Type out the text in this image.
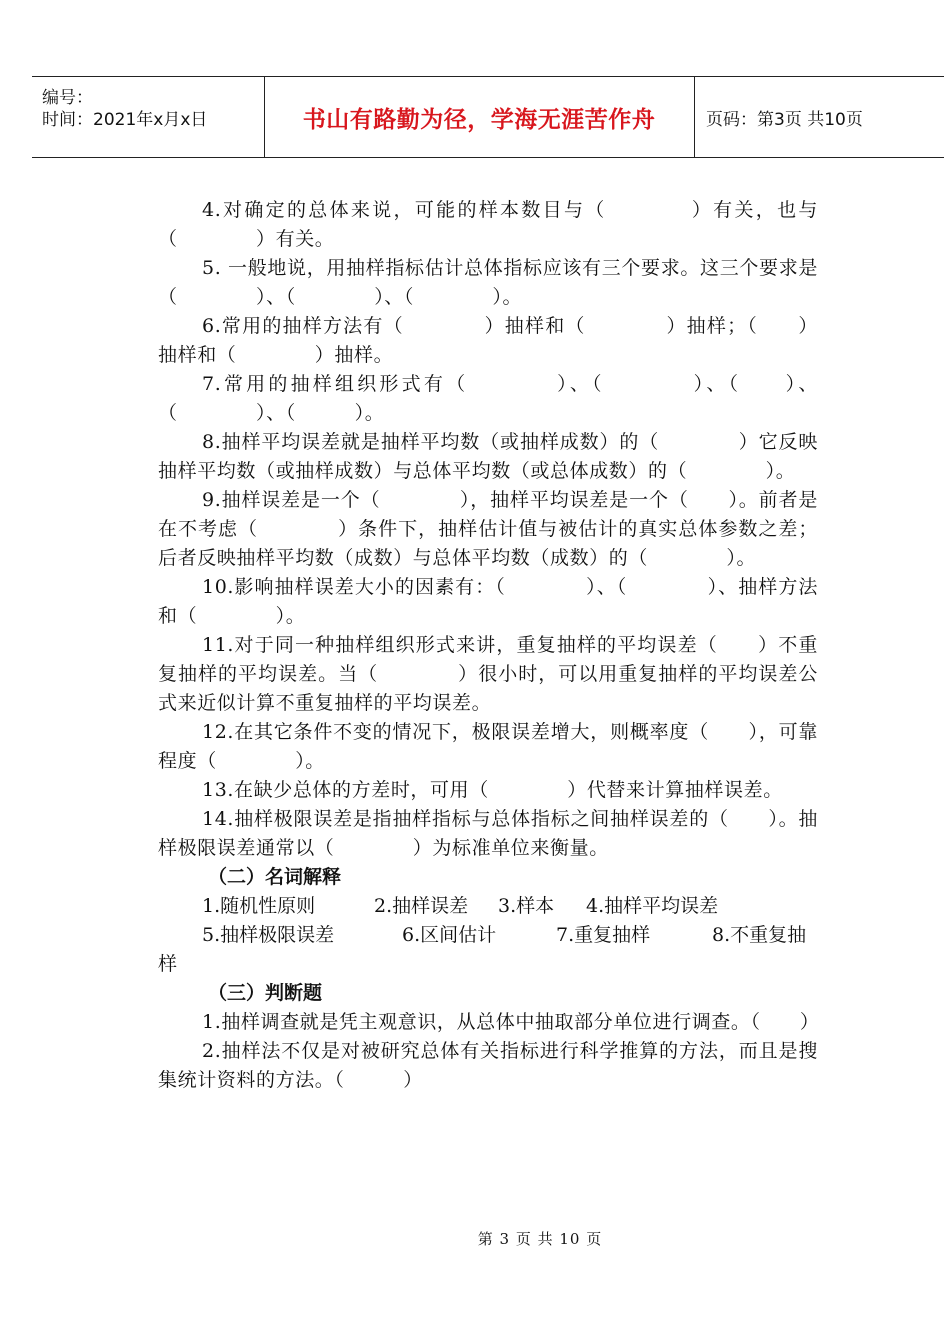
编号：
时间：2021年x月x日	书山有路勤为径，学海无涯苦作舟	页码：第3页 共10页

4.对确定的总体来说，可能的样本数目与（　　　　）有关，也与（　　　　）有关。

5. 一般地说，用抽样指标估计总体指标应该有三个要求。这三个要求是（　　　　）、（　　　　）、（　　　　）。

6.常用的抽样方法有（　　　　）抽样和（　　　　）抽样；（　　）抽样和（　　　　）抽样。

7.常用的抽样组织形式有（　　　　）、（　　　　）、（　　）、（　　　　）、（　　　）。

8.抽样平均误差就是抽样平均数（或抽样成数）的（　　　　）它反映抽样平均数（或抽样成数）与总体平均数（或总体成数）的（　　　　）。

9.抽样误差是一个（　　　　），抽样平均误差是一个（　　）。前者是在不考虑（　　　　）条件下，抽样估计值与被估计的真实总体参数之差；后者反映抽样平均数（成数）与总体平均数（成数）的（　　　　）。

10.影响抽样误差大小的因素有：（　　　　）、（　　　　）、抽样方法和（　　　　）。

11.对于同一种抽样组织形式来讲，重复抽样的平均误差（　　）不重复抽样的平均误差。当（　　　　）很小时，可以用重复抽样的平均误差公式来近似计算不重复抽样的平均误差。

12.在其它条件不变的情况下，极限误差增大，则概率度（　　），可靠程度（　　　　）。

13.在缺少总体的方差时，可用（　　　　）代替来计算抽样误差。

14.抽样极限误差是指抽样指标与总体指标之间抽样误差的（　　）。抽样极限误差通常以（　　　　）为标准单位来衡量。

（二）名词解释

1.随机性原则	2.抽样误差	3.样本	4.抽样平均误差
5.抽样极限误差	6.区间估计	7.重复抽样	8.不重复抽

样

（三）判断题

1.抽样调查就是凭主观意识，从总体中抽取部分单位进行调查。（　　）

2.抽样法不仅是对被研究总体有关指标进行科学推算的方法，而且是搜集统计资料的方法。（　　　）

第 3 页 共 10 页
